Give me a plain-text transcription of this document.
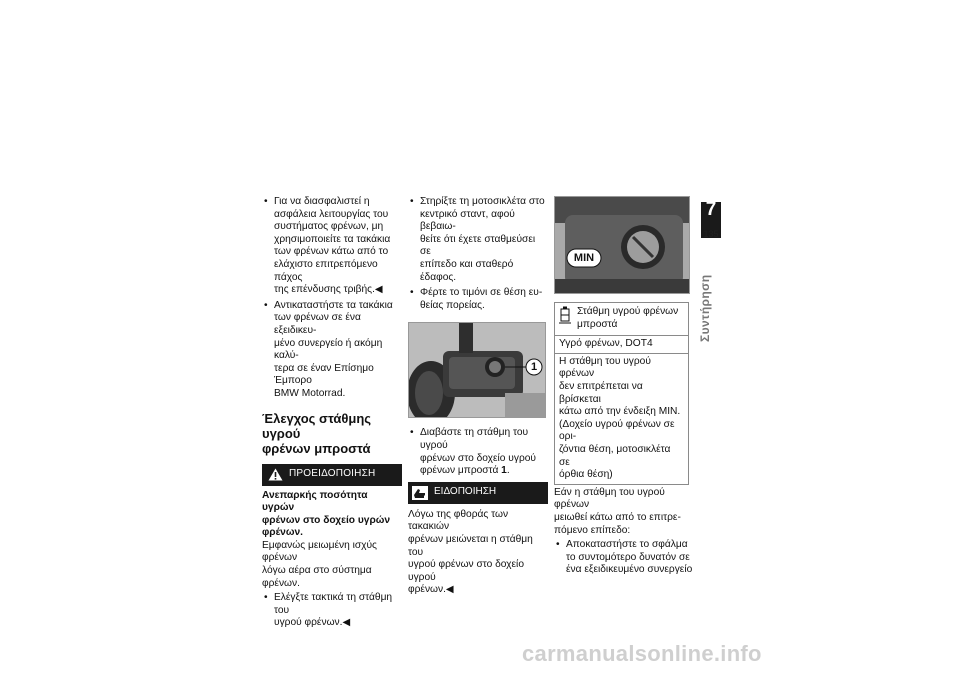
• Για να διασφαλιστεί η
ασφάλεια λειτουργίας του
συστήματος φρένων, μη
χρησιμοποιείτε τα τακάκια
των φρένων κάτω από το
ελάχιστο επιτρεπόμενο πάχος
της επένδυσης τριβής.◀
• Αντικαταστήστε τα τακάκια
των φρένων σε ένα εξειδικευ-
μένο συνεργείο ή ακόμη καλύ-
τερα σε έναν Επίσημο Έμπορο
BMW Motorrad.
Έλεγχος στάθμης υγρού
φρένων μπροστά
ΠΡΟΕΙΔΟΠΟΙΗΣΗ
Ανεπαρκής ποσότητα υγρών
φρένων στο δοχείο υγρών
φρένων.
Εμφανώς μειωμένη ισχύς φρένων
λόγω αέρα στο σύστημα φρένων.
• Ελέγξτε τακτικά τη στάθμη του
υγρού φρένων.◀
• Στηρίξτε τη μοτοσικλέτα στο
κεντρικό σταντ, αφού βεβαιω-
θείτε ότι έχετε σταθμεύσει σε
επίπεδο και σταθερό έδαφος.
• Φέρτε το τιμόνι σε θέση ευ-
θείας πορείας.
1
• Διαβάστε τη στάθμη του υγρού
φρένων στο δοχείο υγρού
φρένων μπροστά 1.
ΕΙΔΟΠΟΙΗΣΗ
Λόγω της φθοράς των τακακιών
φρένων μειώνεται η στάθμη του
υγρού φρένων στο δοχείο υγρού
φρένων.◀
MIN
Στάθμη υγρού φρένων
μπροστά
Υγρό φρένων, DOT4
Η στάθμη του υγρού φρένων
δεν επιτρέπεται να βρίσκεται
κάτω από την ένδειξη MIN.
(Δοχείο υγρού φρένων σε ορι-
ζόντια θέση, μοτοσικλέτα σε
όρθια θέση)
Εάν η στάθμη του υγρού φρένων
μειωθεί κάτω από το επιτρε-
πόμενο επίπεδο:
• Αποκαταστήστε το σφάλμα
το συντομότερο δυνατόν σε
ένα εξειδικευμένο συνεργείο
7
135
Συντήρηση
carmanualsonline.info
